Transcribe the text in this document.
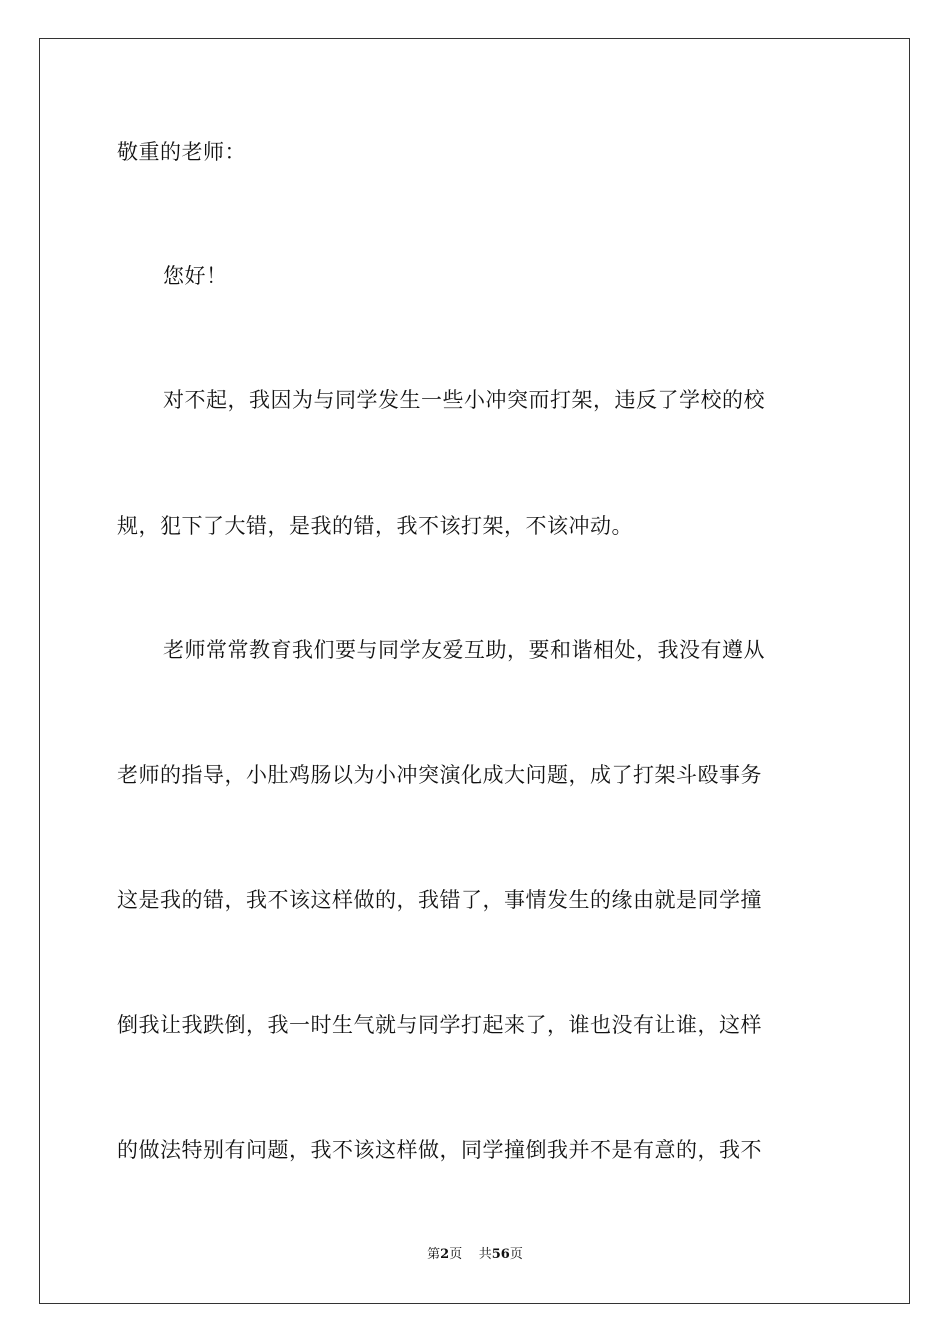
敬重的老师：
您好！
对不起，我因为与同学发生一些小冲突而打架，违反了学校的校
规，犯下了大错，是我的错，我不该打架，不该冲动。
老师常常教育我们要与同学友爱互助，要和谐相处，我没有遵从
老师的指导，小肚鸡肠以为小冲突演化成大问题，成了打架斗殴事务
这是我的错，我不该这样做的，我错了，事情发生的缘由就是同学撞
倒我让我跌倒，我一时生气就与同学打起来了，谁也没有让谁，这样
的做法特别有问题，我不该这样做，同学撞倒我并不是有意的，我不
第2页 共56页
